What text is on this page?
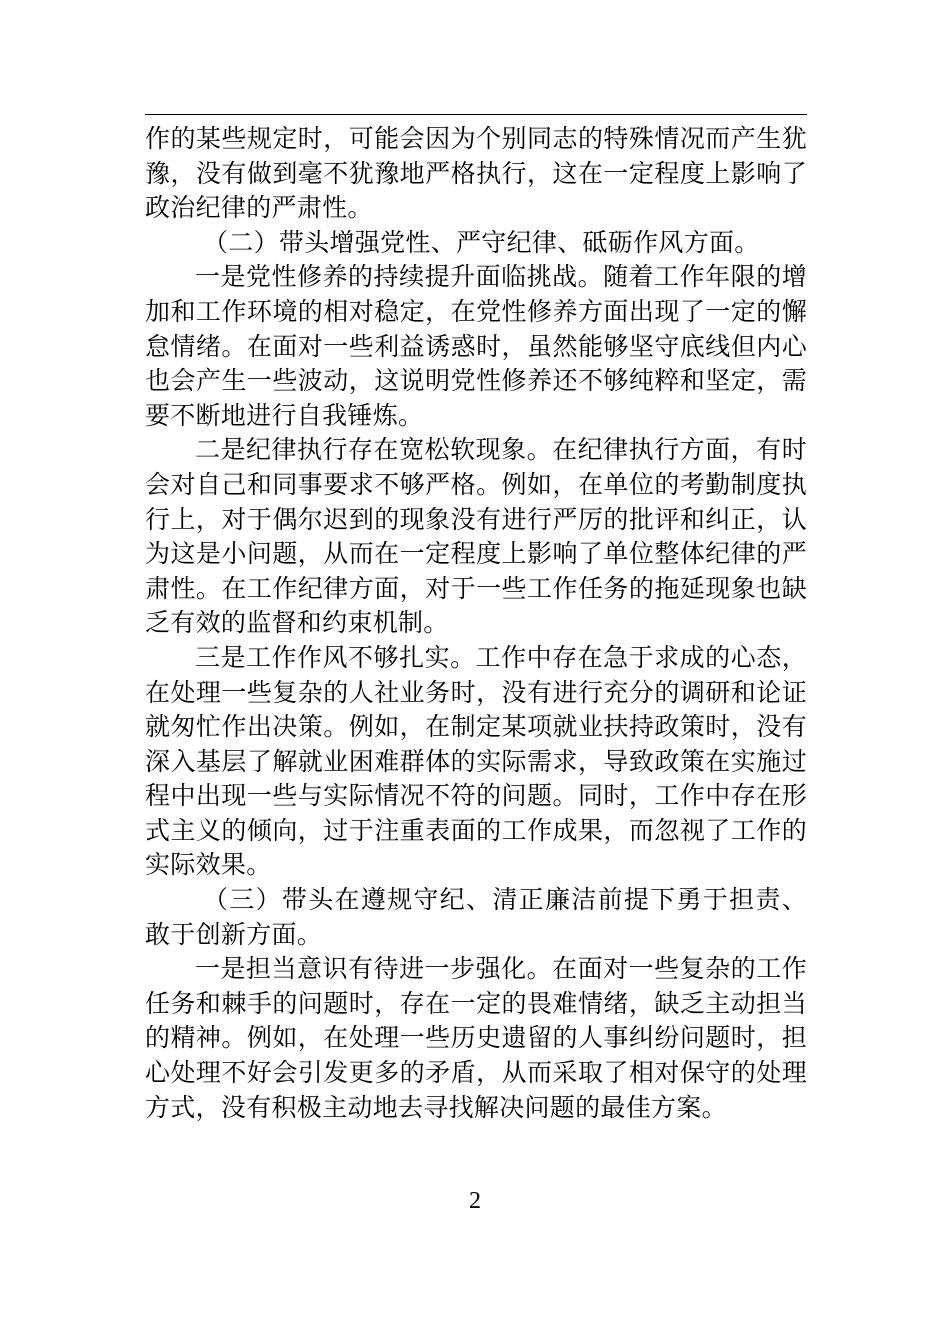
作的某些规定时，可能会因为个别同志的特殊情况而产生犹豫，没有做到毫不犹豫地严格执行，这在一定程度上影响了政治纪律的严肃性。

（二）带头增强党性、严守纪律、砥砺作风方面。

一是党性修养的持续提升面临挑战。随着工作年限的增加和工作环境的相对稳定，在党性修养方面出现了一定的懈怠情绪。在面对一些利益诱惑时，虽然能够坚守底线但内心也会产生一些波动，这说明党性修养还不够纯粹和坚定，需要不断地进行自我锤炼。

二是纪律执行存在宽松软现象。在纪律执行方面，有时会对自己和同事要求不够严格。例如，在单位的考勤制度执行上，对于偶尔迟到的现象没有进行严厉的批评和纠正，认为这是小问题，从而在一定程度上影响了单位整体纪律的严肃性。在工作纪律方面，对于一些工作任务的拖延现象也缺乏有效的监督和约束机制。

三是工作作风不够扎实。工作中存在急于求成的心态，在处理一些复杂的人社业务时，没有进行充分的调研和论证就匆忙作出决策。例如，在制定某项就业扶持政策时，没有深入基层了解就业困难群体的实际需求，导致政策在实施过程中出现一些与实际情况不符的问题。同时，工作中存在形式主义的倾向，过于注重表面的工作成果，而忽视了工作的实际效果。

（三）带头在遵规守纪、清正廉洁前提下勇于担责、敢于创新方面。

一是担当意识有待进一步强化。在面对一些复杂的工作任务和棘手的问题时，存在一定的畏难情绪，缺乏主动担当的精神。例如，在处理一些历史遗留的人事纠纷问题时，担心处理不好会引发更多的矛盾，从而采取了相对保守的处理方式，没有积极主动地去寻找解决问题的最佳方案。

2
